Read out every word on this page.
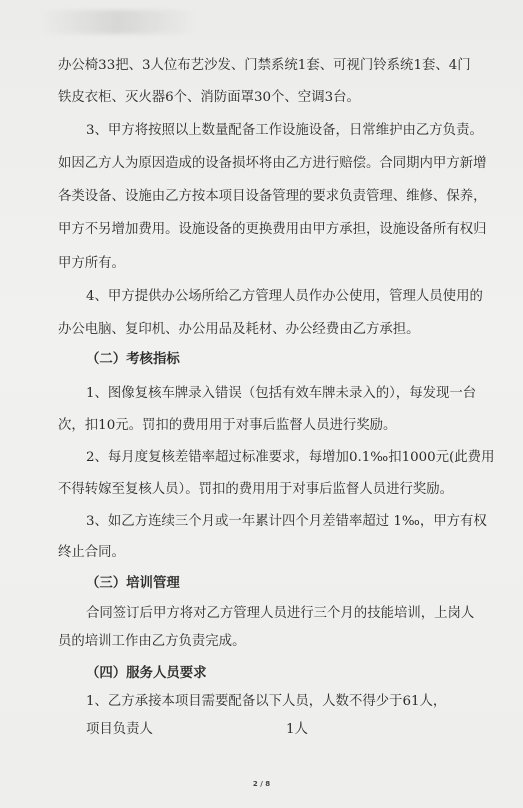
办公椅33把、3人位布艺沙发、门禁系统1套、可视门铃系统1套、4门
铁皮衣柜、灭火器6个、消防面罩30个、空调3台。
3、甲方将按照以上数量配备工作设施设备，日常维护由乙方负责。
如因乙方人为原因造成的设备损坏将由乙方进行赔偿。合同期内甲方新增
各类设备、设施由乙方按本项目设备管理的要求负责管理、维修、保养，
甲方不另增加费用。设施设备的更换费用由甲方承担，设施设备所有权归
甲方所有。
4、甲方提供办公场所给乙方管理人员作办公使用，管理人员使用的
办公电脑、复印机、办公用品及耗材、办公经费由乙方承担。
（二）考核指标
1、图像复核车牌录入错误（包括有效车牌未录入的），每发现一台
次，扣10元。罚扣的费用用于对事后监督人员进行奖励。
2、每月度复核差错率超过标准要求，每增加0.1‰扣1000元(此费用
不得转嫁至复核人员）。罚扣的费用用于对事后监督人员进行奖励。
3、如乙方连续三个月或一年累计四个月差错率超过 1‰，甲方有权
终止合同。
（三）培训管理
合同签订后甲方将对乙方管理人员进行三个月的技能培训，上岗人
员的培训工作由乙方负责完成。
（四）服务人员要求
1、乙方承接本项目需要配备以下人员，人数不得少于61人，
项目负责人	1人
2 / 8
